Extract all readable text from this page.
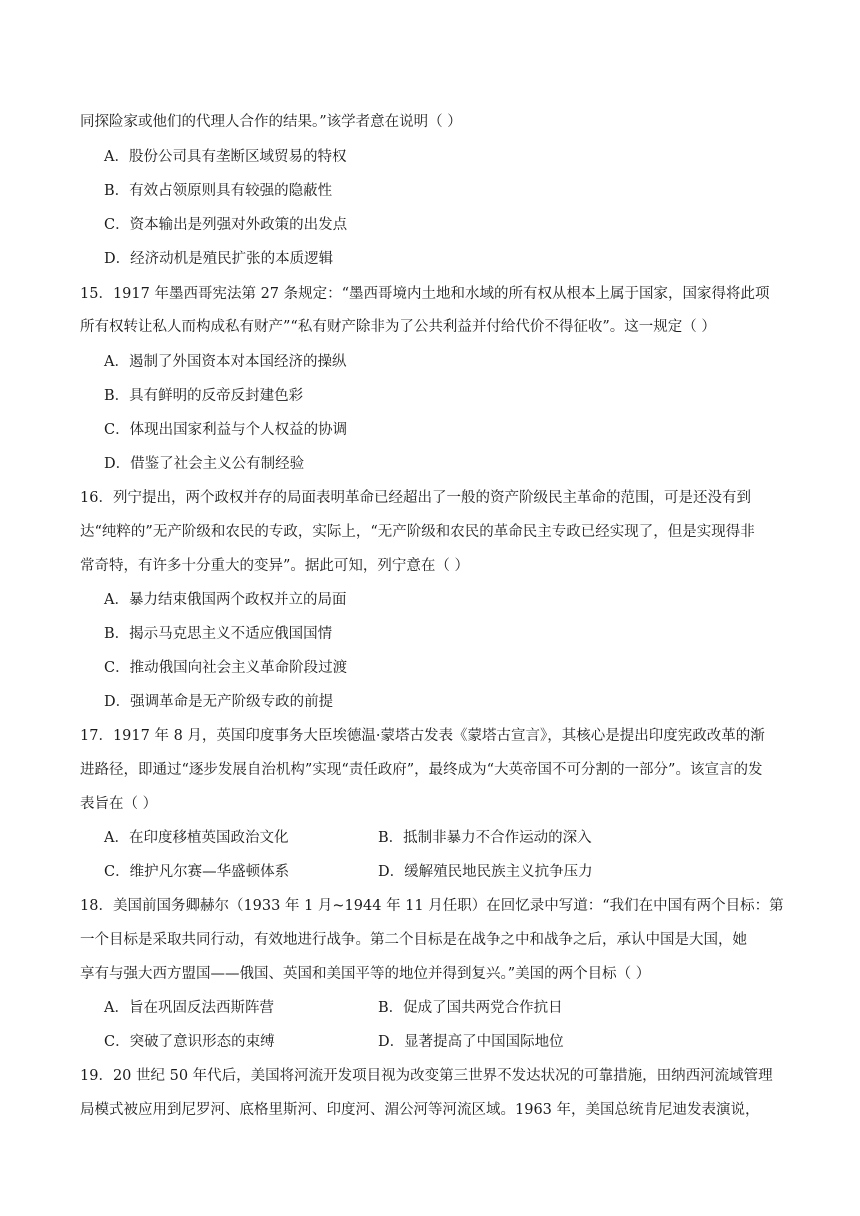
同探险家或他们的代理人合作的结果。”该学者意在说明（ ）
A．股份公司具有垄断区域贸易的特权
B．有效占领原则具有较强的隐蔽性
C．资本输出是列强对外政策的出发点
D．经济动机是殖民扩张的本质逻辑
15．1917 年墨西哥宪法第 27 条规定：“墨西哥境内土地和水域的所有权从根本上属于国家，国家得将此项
所有权转让私人而构成私有财产”“私有财产除非为了公共利益并付给代价不得征收”。这一规定（ ）
A．遏制了外国资本对本国经济的操纵
B．具有鲜明的反帝反封建色彩
C．体现出国家利益与个人权益的协调
D．借鉴了社会主义公有制经验
16．列宁提出，两个政权并存的局面表明革命已经超出了一般的资产阶级民主革命的范围，可是还没有到
达“纯粹的”无产阶级和农民的专政，实际上，“无产阶级和农民的革命民主专政已经实现了，但是实现得非
常奇特，有许多十分重大的变异”。据此可知，列宁意在（ ）
A．暴力结束俄国两个政权并立的局面
B．揭示马克思主义不适应俄国国情
C．推动俄国向社会主义革命阶段过渡
D．强调革命是无产阶级专政的前提
17．1917 年 8 月，英国印度事务大臣埃德温·蒙塔古发表《蒙塔古宣言》，其核心是提出印度宪政改革的渐
进路径，即通过“逐步发展自治机构”实现“责任政府”，最终成为“大英帝国不可分割的一部分”。该宣言的发
表旨在（ ）
A．在印度移植英国政治文化	B．抵制非暴力不合作运动的深入
C．维护凡尔赛—华盛顿体系	D．缓解殖民地民族主义抗争压力
18．美国前国务卿赫尔（1933 年 1 月~1944 年 11 月任职）在回忆录中写道：“我们在中国有两个目标：第
一个目标是采取共同行动，有效地进行战争。第二个目标是在战争之中和战争之后，承认中国是大国，她
享有与强大西方盟国——俄国、英国和美国平等的地位并得到复兴。”美国的两个目标（ ）
A．旨在巩固反法西斯阵营	B．促成了国共两党合作抗日
C．突破了意识形态的束缚	D．显著提高了中国国际地位
19．20 世纪 50 年代后，美国将河流开发项目视为改变第三世界不发达状况的可靠措施，田纳西河流域管理
局模式被应用到尼罗河、底格里斯河、印度河、湄公河等河流区域。1963 年，美国总统肯尼迪发表演说，
